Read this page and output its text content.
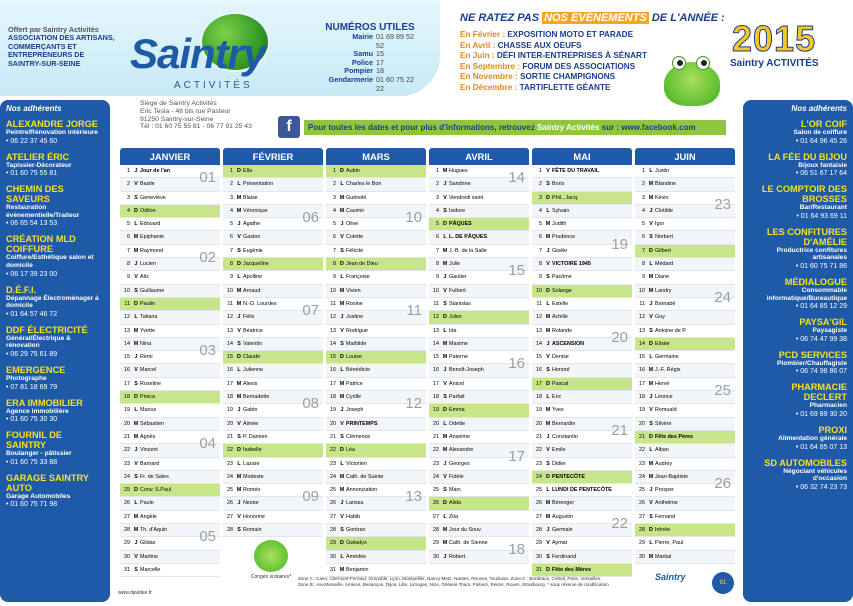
Offert par Saintry Activités
ASSOCIATION DES ARTISANS,
COMMERÇANTS ET
ENTREPRENEURS DE
SAINTRY-SUR-SEINE	Saintry
ACTIVITÉS
NUMÉROS UTILES
Mairie 01 69 89 52 52
Samu 15
Police 17
Pompier 18
Gendarmerie 01 60 75 22 22
NE RATEZ PAS NOS ÉVÈNEMENTS DE L'ANNÉE :
En Février : EXPOSITION MOTO ET PARADE
En Avril : CHASSE AUX OEUFS
En Juin : DÉFI INTER-ENTREPRISES À SÉNART
En Septembre : FORUM DES ASSOCIATIONS
En Novembre : SORTIE CHAMPIGNONS
En Décembre : TARTIFLETTE GÉANTE
2015
Saintry ACTIVITÉS
Siège de Saintry Activités
Eric Tesla - 48 bis rue Pasteur
91250 Saintry-sur-Seine
Tél : 01 60 75 55 81 - 06 77 91 25 43	f	Pour toutes les dates et pour plus d'informations, retrouvez Saintry Activités sur : www.facebook.com
Nos adhérents
ALEXANDRE JORGE
Peintre/Rénovation intérieure
• 06 22 37 45 60
ATELIER ÉRIC
Tapissier-Décorateur
• 01 60 75 55 81
CHEMIN DES SAVEURS
Restauration événementielle/Traiteur
• 06 65 54 13 53
CRÉATION MLD COIFFURE
Coiffure/Esthétique salon et domicile
• 06 17 39 23 00
D.É.F.I.
Dépannage Électroménager à domicile
• 01 64 57 46 72
DDF ÉLECTRICITÉ
Général/Électrique & rénovation
• 06 29 75 61 89
EMERGENCE
Photographe
• 07 81 18 69 79
ERA IMMOBILIER
Agence immobilière
• 01 60 75 30 30
FOURNIL DE SAINTRY
Boulanger - pâtissier
• 01 60 75 33 88
GARAGE SAINTRY AUTO
Garage Automobiles
• 01 60 75 71 98
Nos adhérents
L'OR COIF
Salon de coiffure
• 01 64 96 45 26
LA FÉE DU BIJOU
Bijoux fantaisie
• 06 51 67 17 64
LE COMPTOIR DES BROSSES
Bar/Restaurant
• 01 64 93 69 11
LES CONFITURES D'AMÉLIE
Productrice confitures artisanales
• 01 60 75 71 86
MÉDIALOGUE
Consommable informatique/Bureautique
• 01 64 85 12 29
PAYSA'GIL
Paysagiste
• 06 74 47 99 38
PCD SERVICES
Plombier/Chauffagiste
• 06 74 98 86 07
PHARMACIE DECLERT
Pharmacien
• 01 69 89 30 20
PROXI
Alimentation générale
• 01 64 85 07 13
SD AUTOMOBILES
Négociant véhicules d'occasion
• 06 32 74 23 73
JANVIER
1 J Jour de l'an
2 V Basile
3 S Geneviève
4 D Odilon
5 L Edouard
6 M Epiphanie
7 M Raymond
8 J Lucien
9 V Alix
10 S Guillaume
11 D Paulin
12 L Tatiana
13 M Yvette
14 M Nina
15 J Rémi
16 V Marcel
17 S Roseline
18 D Prisca
19 L Marius
20 M Sébastien
21 M Agnès
22 J Vincent
23 V Barnard
24 S Fr. de Sales
25 D Conv. S.Paul
26 L Paule
27 M Angèle
28 M Th. d'Aquin
29 J Gildas
30 V Martine
31 S Marcelle
01
02
03
04
05
FÉVRIER
1 D Ella
2 L Présentation
3 M Blaise
4 M Véronique
5 J Agathe
6 V Gaston
7 S Eugénie
8 D Jacqueline
9 L Apolline
10 M Arnaud
11 M N.-D. Lourdes
12 J Félix
13 V Béatrice
14 S Valentin
15 D Claude
16 L Julienne
17 M Alexis
18 M Bernadette
19 J Gabin
20 V Aimée
21 S P. Damien
22 D Isabelle
23 L Lazare
24 M Modeste
25 M Roméo
26 J Nestor
27 V Honorine
28 S Romain
06
07
08
09
MARS
1 D Aubin
2 L Charles le Bon
3 M Guénolé
4 M Casimir
5 J Olive
6 V Colette
7 S Félicité
8 D Jean de Dieu
9 L Françoise
10 M Vivien
11 M Rosine
12 J Justine
13 V Rodrigue
14 S Mathilde
15 D Louise
16 L Bénédicte
17 M Patrice
18 M Cyrille
19 J Joseph
20 V PRINTEMPS
21 S Clémence
22 D Léa
23 L Victorien
24 M Cath. de Suède
25 M Annonciation
26 J Larissa
27 V Habib
28 S Gontran
29 D Gwladys
30 L Amédée
31 M Benjamin
10
11
12
13
AVRIL
1 M Hugues
2 J Sandrine
3 V Vendredi saint
4 S Isidore
5 D PÂQUES
6 L L. DE PÂQUES
7 M J.-B. de la Salle
8 M Julie
9 J Gautier
10 V Fulbert
11 S Stanislas
12 D Jules
13 L Ida
14 M Maxime
15 M Paterne
16 J Benoît-Joseph
17 V Anicet
18 S Parfait
19 D Emma
20 L Odette
21 M Anselme
22 M Alexandre
23 J Georges
24 V Fidèle
25 S Marc
26 D Alida
27 L Zita
28 M Jour du Souv.
29 M Cath. de Sienne
30 J Robert
14
15
16
17
18
MAI
1 V FÊTE DU TRAVAIL
2 S Boris
3 D Phil., Jacq.
4 L Sylvain
5 M Judith
6 M Prudence
7 J Gisèle
8 V VICTOIRE 1945
9 S Pacôme
10 D Solange
11 L Estelle
12 M Achille
13 M Rolande
14 J ASCENSION
15 V Denise
16 S Honoré
17 D Pascal
18 L Eric
19 M Yves
20 M Bernardin
21 J Constantin
22 V Emile
23 S Didier
24 D PENTECÔTE
25 L LUNDI DE PENTECÔTE
26 M Bérenger
27 M Augustin
28 J Germain
29 V Aymar
30 S Ferdinand
31 D Fête des Mères
19
20
21
22
JUIN
1 L Justin
2 M Blandine
3 M Kévin
4 J Clotilde
5 V Igor
6 S Norbert
7 D Gilbert
8 L Médard
9 M Diane
10 M Landry
11 J Barnabé
12 V Guy
13 S Antoine de P.
14 D Elisée
15 L Germaine
16 M J.-F. Régis
17 M Hervé
18 J Léonce
19 V Romuald
20 S Silvère
21 D Fête des Pères
22 L Alban
23 M Audrey
24 M Jean-Baptiste
25 J Prosper
26 V Anthelme
27 S Fernand
28 D Irénée
29 L Pierre, Paul
30 M Martial
23
24
25
26
Congés scolaires*	Zone A : Caen, Clermont-Ferrand, Grenoble, Lyon, Montpellier, Nancy-Metz, Nantes, Rennes, Toulouse. Zone C : Bordeaux, Créteil, Paris, Versailles.
Zone B : Aix-Marseille, Amiens, Besançon, Dijon, Lille, Limoges, Nice, Orléans-Tours, Poitiers, Reims, Rouen, Strasbourg. * sous réserve de modification
www.davidee.fr
Saintry
91
